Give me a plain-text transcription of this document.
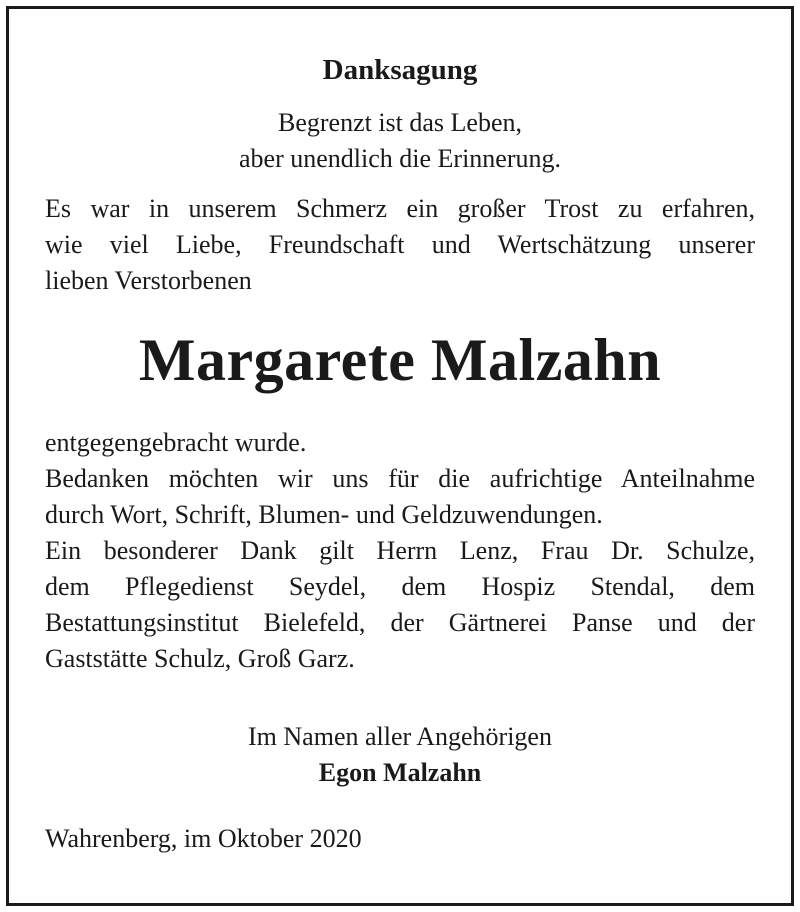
Danksagung
Begrenzt ist das Leben,
aber unendlich die Erinnerung.
Es war in unserem Schmerz ein großer Trost zu erfahren,
wie viel Liebe, Freundschaft und Wertschätzung unserer
lieben Verstorbenen
Margarete Malzahn
entgegengebracht wurde.
Bedanken möchten wir uns für die aufrichtige Anteilnahme
durch Wort, Schrift, Blumen- und Geldzuwendungen.
Ein besonderer Dank gilt Herrn Lenz, Frau Dr. Schulze,
dem Pflegedienst Seydel, dem Hospiz Stendal, dem
Bestattungsinstitut Bielefeld, der Gärtnerei Panse und der
Gaststätte Schulz, Groß Garz.
Im Namen aller Angehörigen
Egon Malzahn
Wahrenberg, im Oktober 2020
